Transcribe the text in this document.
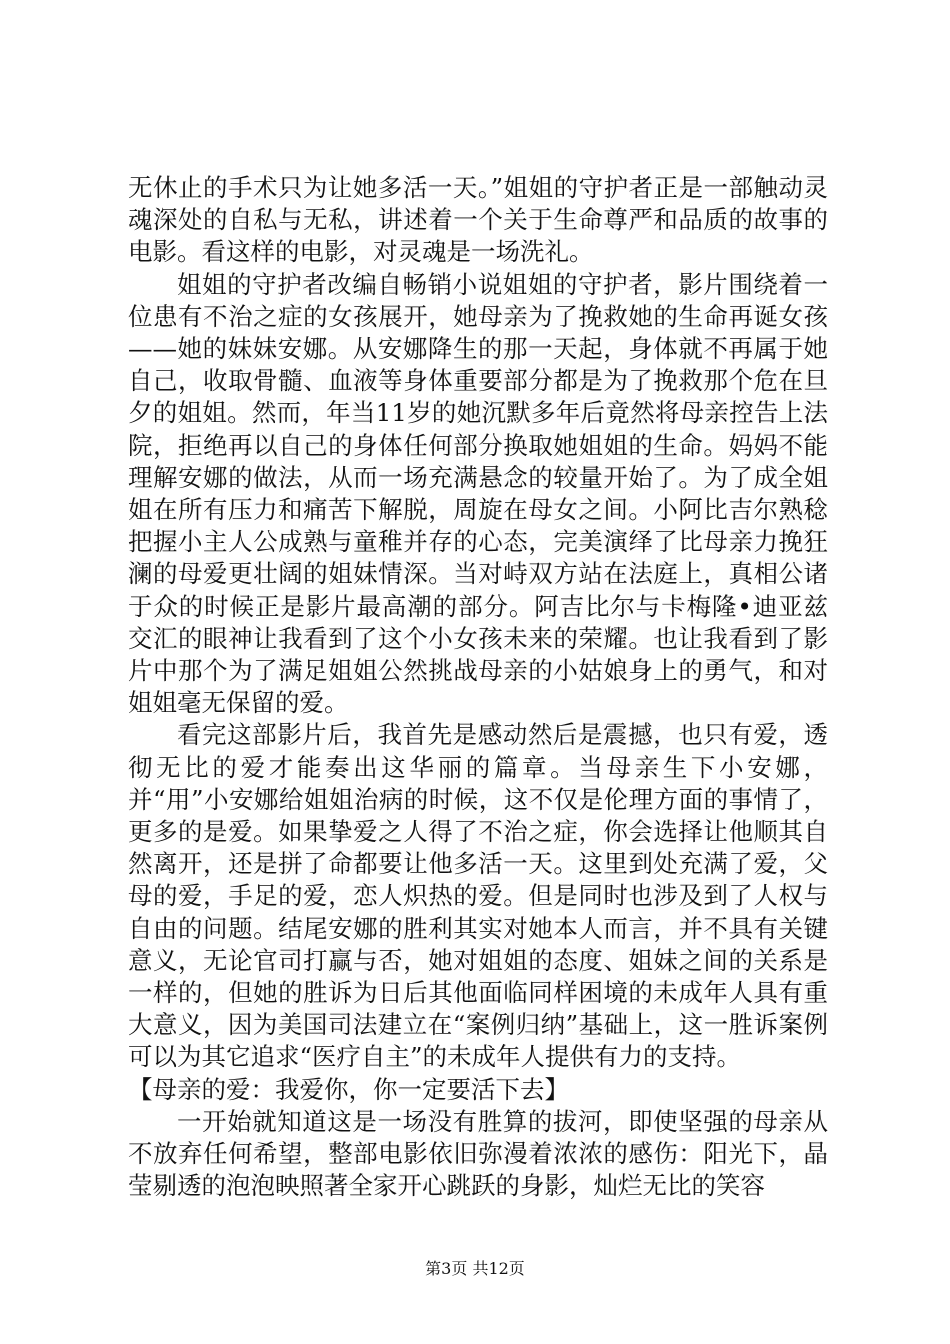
无休止的手术只为让她多活一天。”姐姐的守护者正是一部触动灵魂深处的自私与无私，讲述着一个关于生命尊严和品质的故事的电影。看这样的电影，对灵魂是一场洗礼。

姐姐的守护者改编自畅销小说姐姐的守护者，影片围绕着一位患有不治之症的女孩展开，她母亲为了挽救她的生命再诞女孩——她的妹妹安娜。从安娜降生的那一天起，身体就不再属于她自己，收取骨髓、血液等身体重要部分都是为了挽救那个危在旦夕的姐姐。然而，年当11岁的她沉默多年后竟然将母亲控告上法院，拒绝再以自己的身体任何部分换取她姐姐的生命。妈妈不能理解安娜的做法，从而一场充满悬念的较量开始了。为了成全姐姐在所有压力和痛苦下解脱，周旋在母女之间。小阿比吉尔熟稔把握小主人公成熟与童稚并存的心态，完美演绎了比母亲力挽狂澜的母爱更壮阔的姐妹情深。当对峙双方站在法庭上，真相公诸于众的时候正是影片最高潮的部分。阿吉比尔与卡梅隆•迪亚兹交汇的眼神让我看到了这个小女孩未来的荣耀。也让我看到了影片中那个为了满足姐姐公然挑战母亲的小姑娘身上的勇气，和对姐姐毫无保留的爱。

看完这部影片后，我首先是感动然后是震撼，也只有爱，透彻无比的爱才能奏出这华丽的篇章。当母亲生下小安娜，并“用”小安娜给姐姐治病的时候，这不仅是伦理方面的事情了，更多的是爱。如果挚爱之人得了不治之症，你会选择让他顺其自然离开，还是拼了命都要让他多活一天。这里到处充满了爱，父母的爱，手足的爱，恋人炽热的爱。但是同时也涉及到了人权与自由的问题。结尾安娜的胜利其实对她本人而言，并不具有关键意义，无论官司打赢与否，她对姐姐的态度、姐妹之间的关系是一样的，但她的胜诉为日后其他面临同样困境的未成年人具有重大意义，因为美国司法建立在“案例归纳”基础上，这一胜诉案例可以为其它追求“医疗自主”的未成年人提供有力的支持。

【母亲的爱：我爱你，你一定要活下去】

一开始就知道这是一场没有胜算的拔河，即使坚强的母亲从不放弃任何希望，整部电影依旧弥漫着浓浓的感伤：阳光下，晶莹剔透的泡泡映照著全家开心跳跃的身影，灿烂无比的笑容

第3页 共12页
